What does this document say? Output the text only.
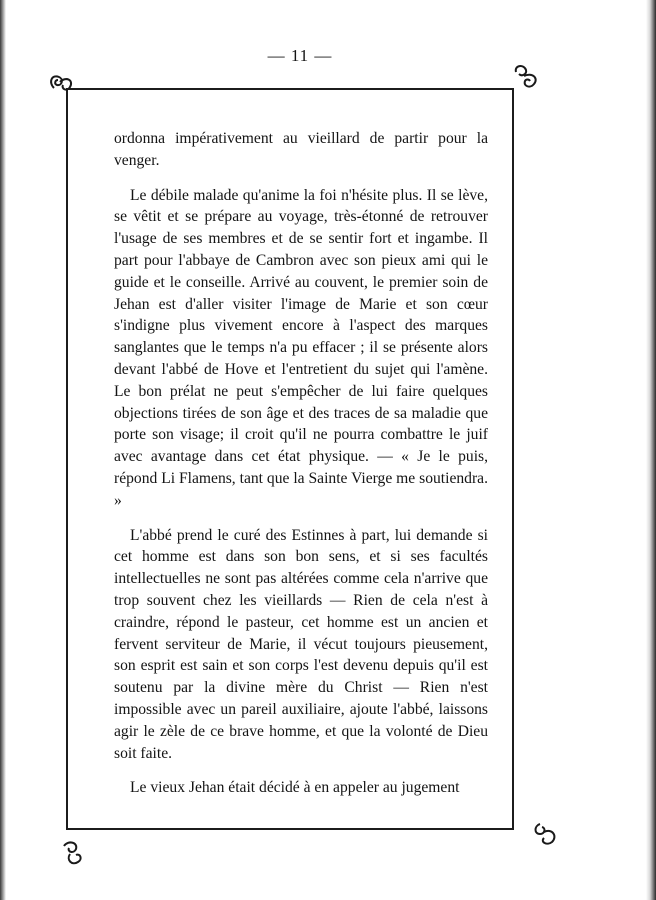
— 11 —

ordonna impérativement au vieillard de partir pour la venger.

Le débile malade qu'anime la foi n'hésite plus. Il se lève, se vêtit et se prépare au voyage, très-étonné de retrouver l'usage de ses membres et de se sentir fort et ingambe. Il part pour l'abbaye de Cambron avec son pieux ami qui le guide et le conseille. Arrivé au couvent, le premier soin de Jehan est d'aller visiter l'image de Marie et son cœur s'indigne plus vivement encore à l'aspect des marques sanglantes que le temps n'a pu effacer ; il se présente alors devant l'abbé de Hove et l'entretient du sujet qui l'amène. Le bon prélat ne peut s'empêcher de lui faire quelques objections tirées de son âge et des traces de sa maladie que porte son visage; il croit qu'il ne pourra combattre le juif avec avantage dans cet état physique. — « Je le puis, répond Li Flamens, tant que la Sainte Vierge me soutiendra. »

L'abbé prend le curé des Estinnes à part, lui demande si cet homme est dans son bon sens, et si ses facultés intellectuelles ne sont pas altérées comme cela n'arrive que trop souvent chez les vieillards — Rien de cela n'est à craindre, répond le pasteur, cet homme est un ancien et fervent serviteur de Marie, il vécut toujours pieusement, son esprit est sain et son corps l'est devenu depuis qu'il est soutenu par la divine mère du Christ — Rien n'est impossible avec un pareil auxiliaire, ajoute l'abbé, laissons agir le zèle de ce brave homme, et que la volonté de Dieu soit faite.

Le vieux Jehan était décidé à en appeler au jugement
